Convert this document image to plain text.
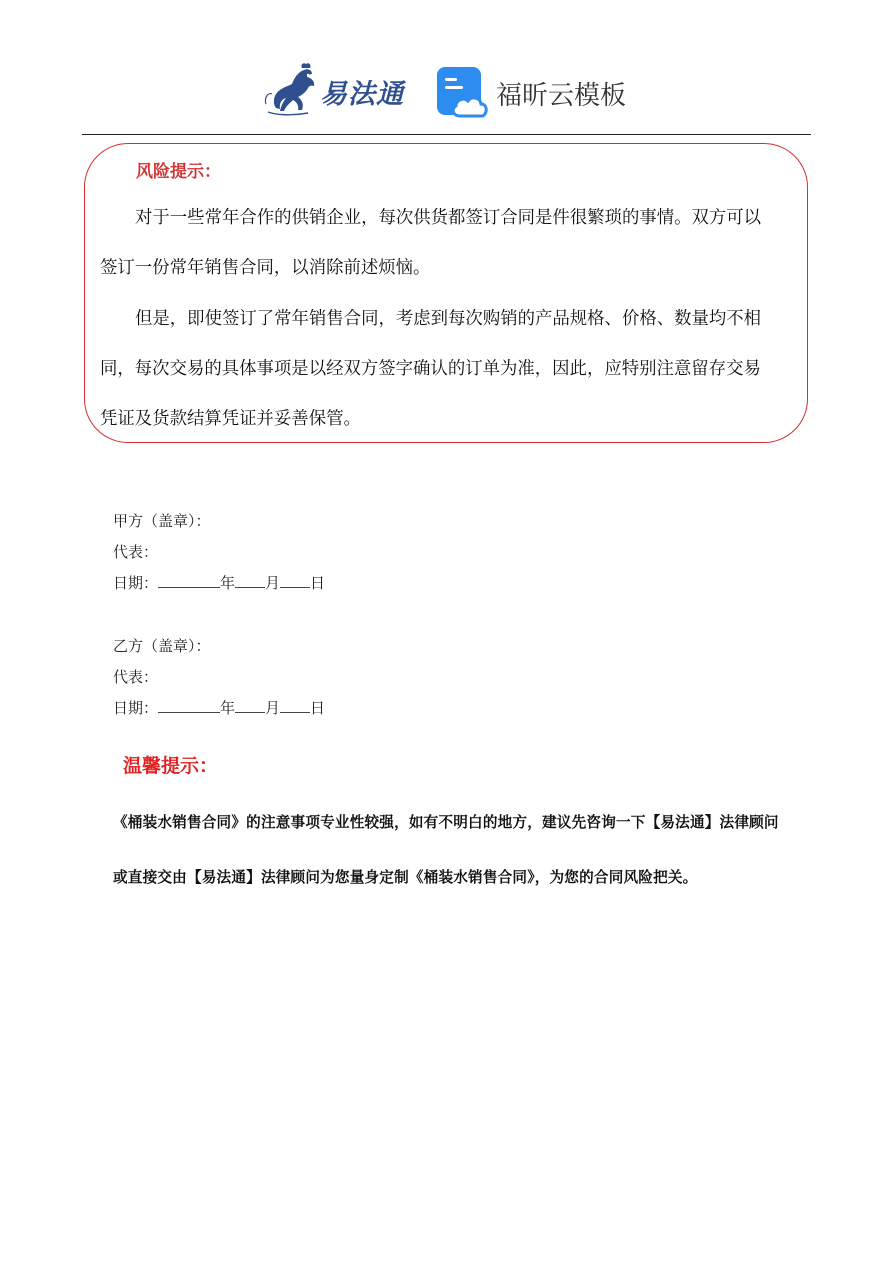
易法通	福昕云模板
风险提示：

对于一些常年合作的供销企业，每次供货都签订合同是件很繁琐的事情。双方可以签订一份常年销售合同，以消除前述烦恼。

但是，即使签订了常年销售合同，考虑到每次购销的产品规格、价格、数量均不相同，每次交易的具体事项是以经双方签字确认的订单为准，因此，应特别注意留存交易凭证及货款结算凭证并妥善保管。

甲方（盖章）：
代表：
日期：	年 月 日
乙方（盖章）：
代表：
日期：	年 月 日
温馨提示：
《桶装水销售合同》的注意事项专业性较强，如有不明白的地方，建议先咨询一下【易法通】法律顾问
或直接交由【易法通】法律顾问为您量身定制《桶装水销售合同》，为您的合同风险把关。
